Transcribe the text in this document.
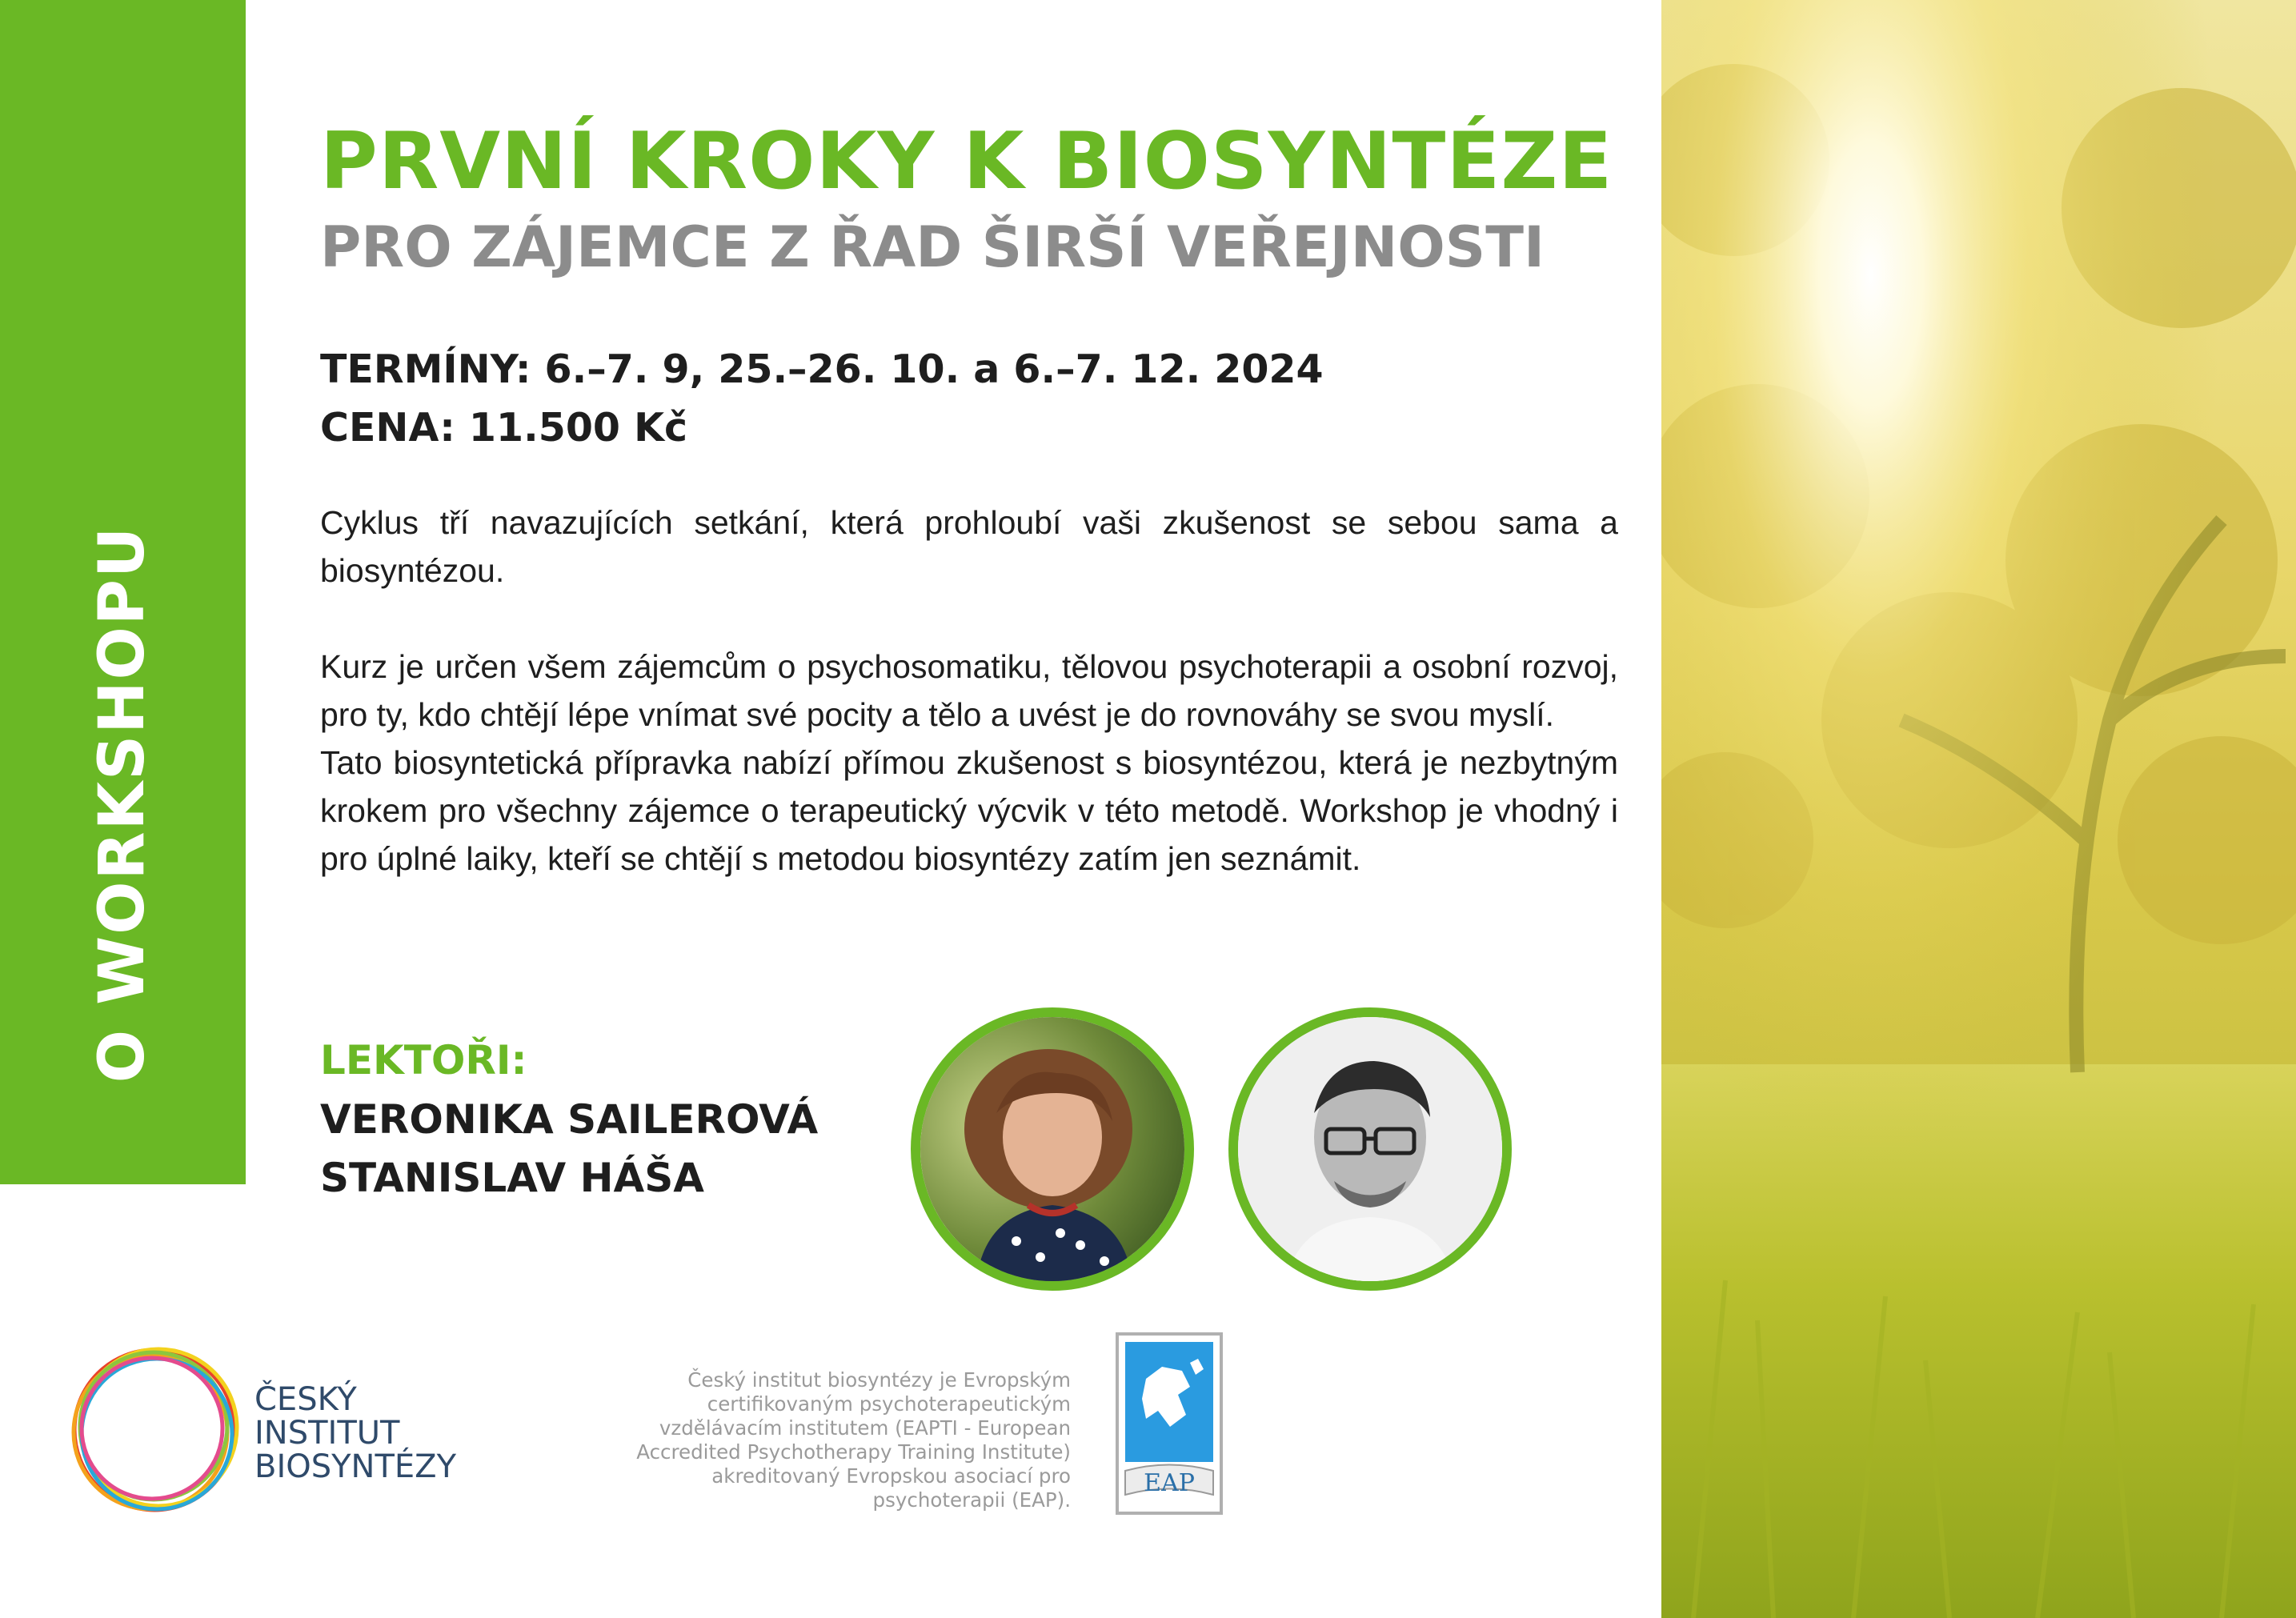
O WORKSHOPU
PRVNÍ KROKY K BIOSYNTÉZE
PRO ZÁJEMCE Z ŘAD ŠIRŠÍ VEŘEJNOSTI
TERMÍNY: 6.–7. 9, 25.–26. 10. a 6.–7. 12. 2024
CENA: 11.500 Kč

Cyklus tří navazujících setkání, která prohloubí vaši zkušenost se sebou sama a biosyntézou.

Kurz je určen všem zájemcům o psychosomatiku, tělovou psychoterapii a osobní rozvoj, pro ty, kdo chtějí lépe vnímat své pocity a tělo a uvést je do rovnováhy se svou myslí.

Tato biosyntetická přípravka nabízí přímou zkušenost s biosyntézou, která je nezbytným krokem pro všechny zájemce o terapeutický výcvik v této metodě. Workshop je vhodný i pro úplné laiky, kteří se chtějí s metodou biosyntézy zatím jen seznámit.

LEKTOŘI:
VERONIKA SAILEROVÁ
STANISLAV HÁŠA
ČESKÝ
INSTITUT
BIOSYNTÉZY
Český institut biosyntézy je Evropským certifikovaným psychoterapeutickým vzdělávacím institutem (EAPTI - European Accredited Psychotherapy Training Institute) akreditovaný Evropskou asociací pro psychoterapii (EAP).
EAP
